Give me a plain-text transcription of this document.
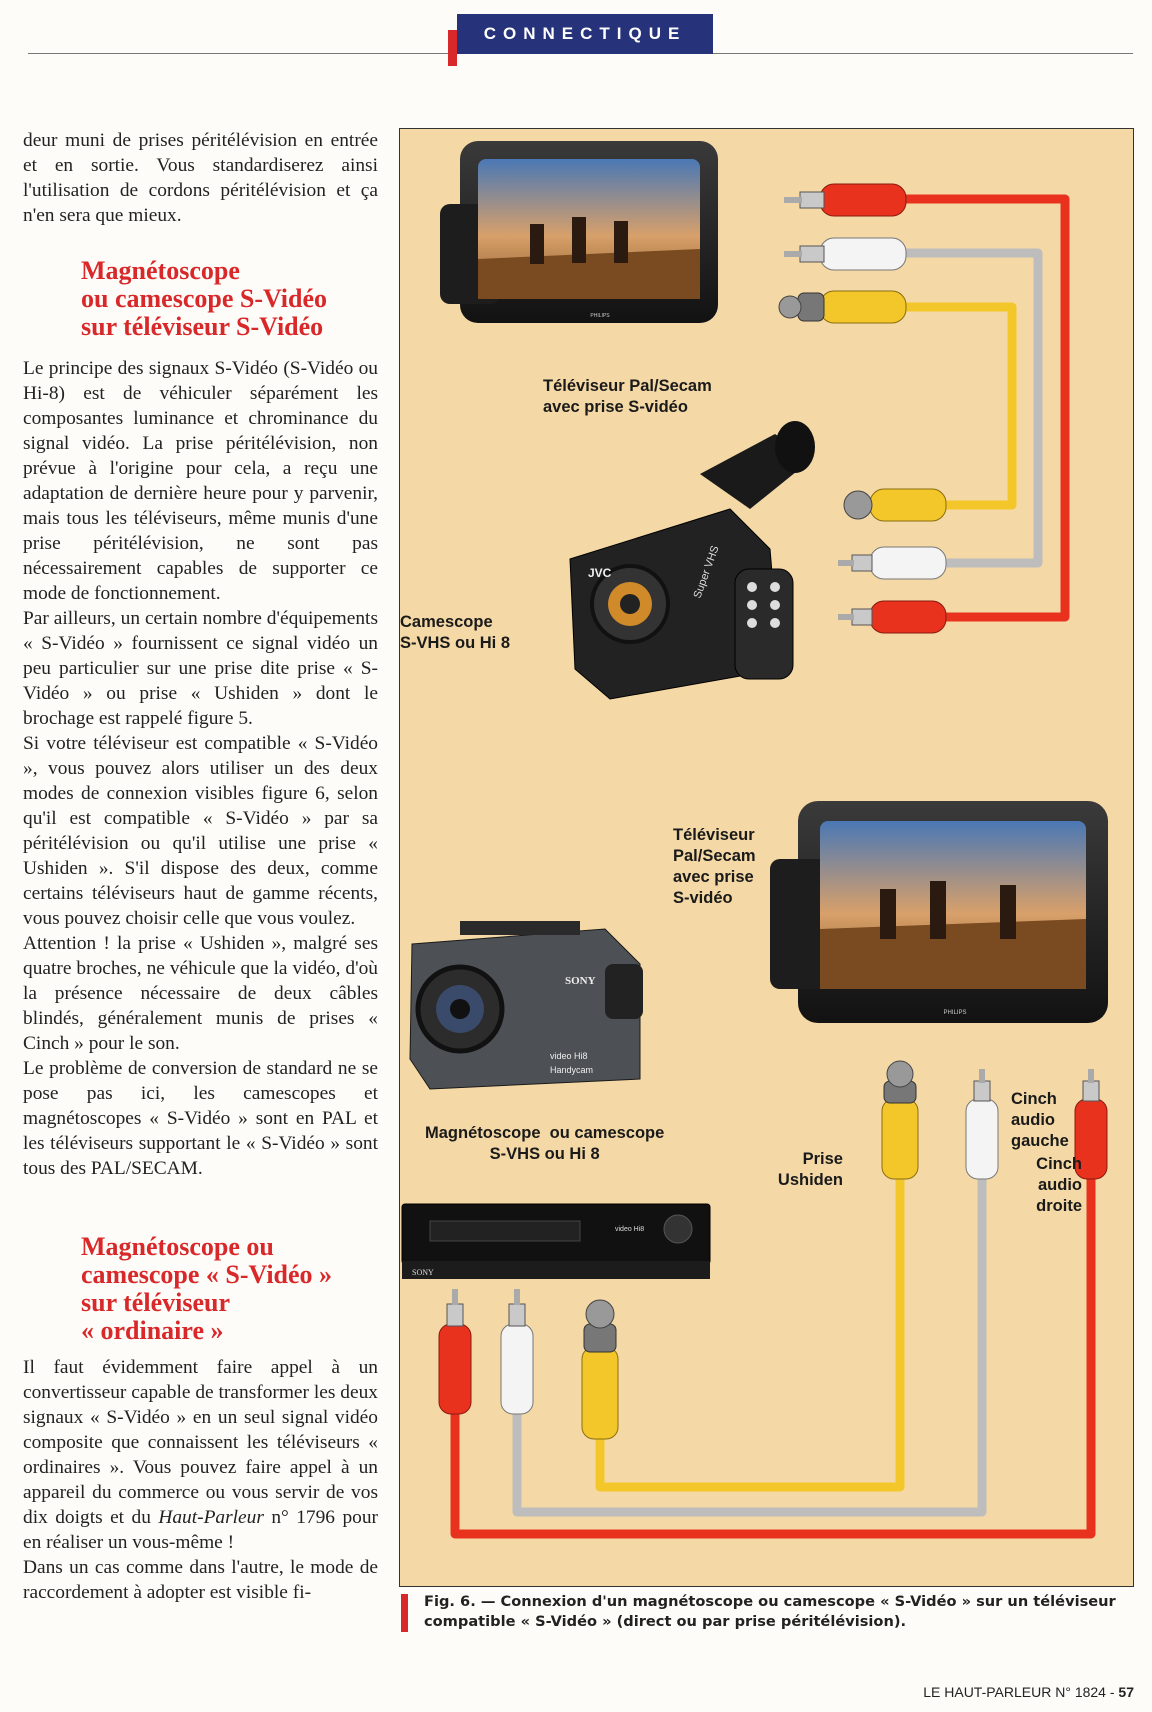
CONNECTIQUE

deur muni de prises péritélévision en entrée et en sortie. Vous standardiserez ainsi l'utilisation de cordons péritélévision et ça n'en sera que mieux.

Magnétoscope
ou camescope S-Vidéo
sur téléviseur S-Vidéo

Le principe des signaux S-Vidéo (S-Vidéo ou Hi-8) est de véhiculer séparément les composantes luminance et chrominance du signal vidéo. La prise péritélévision, non prévue à l'origine pour cela, a reçu une adaptation de dernière heure pour y parvenir, mais tous les téléviseurs, même munis d'une prise péritélévision, ne sont pas nécessairement capables de supporter ce mode de fonctionnement.

Par ailleurs, un certain nombre d'équipements « S-Vidéo » fournissent ce signal vidéo un peu particulier sur une prise dite prise « S-Vidéo » ou prise « Ushiden » dont le brochage est rappelé figure 5.

Si votre téléviseur est compatible « S-Vidéo », vous pouvez alors utiliser un des deux modes de connexion visibles figure 6, selon qu'il est compatible « S-Vidéo » par sa péritélévision ou qu'il utilise une prise « Ushiden ». S'il dispose des deux, comme certains téléviseurs haut de gamme récents, vous pouvez choisir celle que vous voulez.

Attention ! la prise « Ushiden », malgré ses quatre broches, ne véhicule que la vidéo, d'où la présence nécessaire de deux câbles blindés, généralement munis de prises « Cinch » pour le son.

Le problème de conversion de standard ne se pose pas ici, les camescopes et magnétoscopes « S-Vidéo » sont en PAL et les téléviseurs supportant le « S-Vidéo » sont tous des PAL/SECAM.

Magnétoscope ou
camescope « S-Vidéo »
sur téléviseur
« ordinaire »

Il faut évidemment faire appel à un convertisseur capable de transformer les deux signaux « S-Vidéo » en un seul signal vidéo composite que connaissent les téléviseurs « ordinaires ». Vous pouvez faire appel à un appareil du commerce ou vous servir de vos dix doigts et du Haut-Parleur n° 1796 pour en réaliser un vous-même !

Dans un cas comme dans l'autre, le mode de raccordement à adopter est visible fi-

PHILIPS
JVC	Super VHS
PHILIPS
SONY
video Hi8
Handycam
SONY
video Hi8
Téléviseur Pal/Secam
avec prise S-vidéo
Camescope
S-VHS ou Hi 8
Téléviseur
Pal/Secam
avec prise
S-vidéo
Magnétoscope  ou camescope
S-VHS ou Hi 8	Prise
Ushiden
Cinch
audio
gauche
Cinch
audio
droite
Fig. 6. — Connexion d'un magnétoscope ou camescope « S-Vidéo » sur un téléviseur compatible « S-Vidéo » (direct ou par prise péritélévision).
LE HAUT-PARLEUR N° 1824 - 57
